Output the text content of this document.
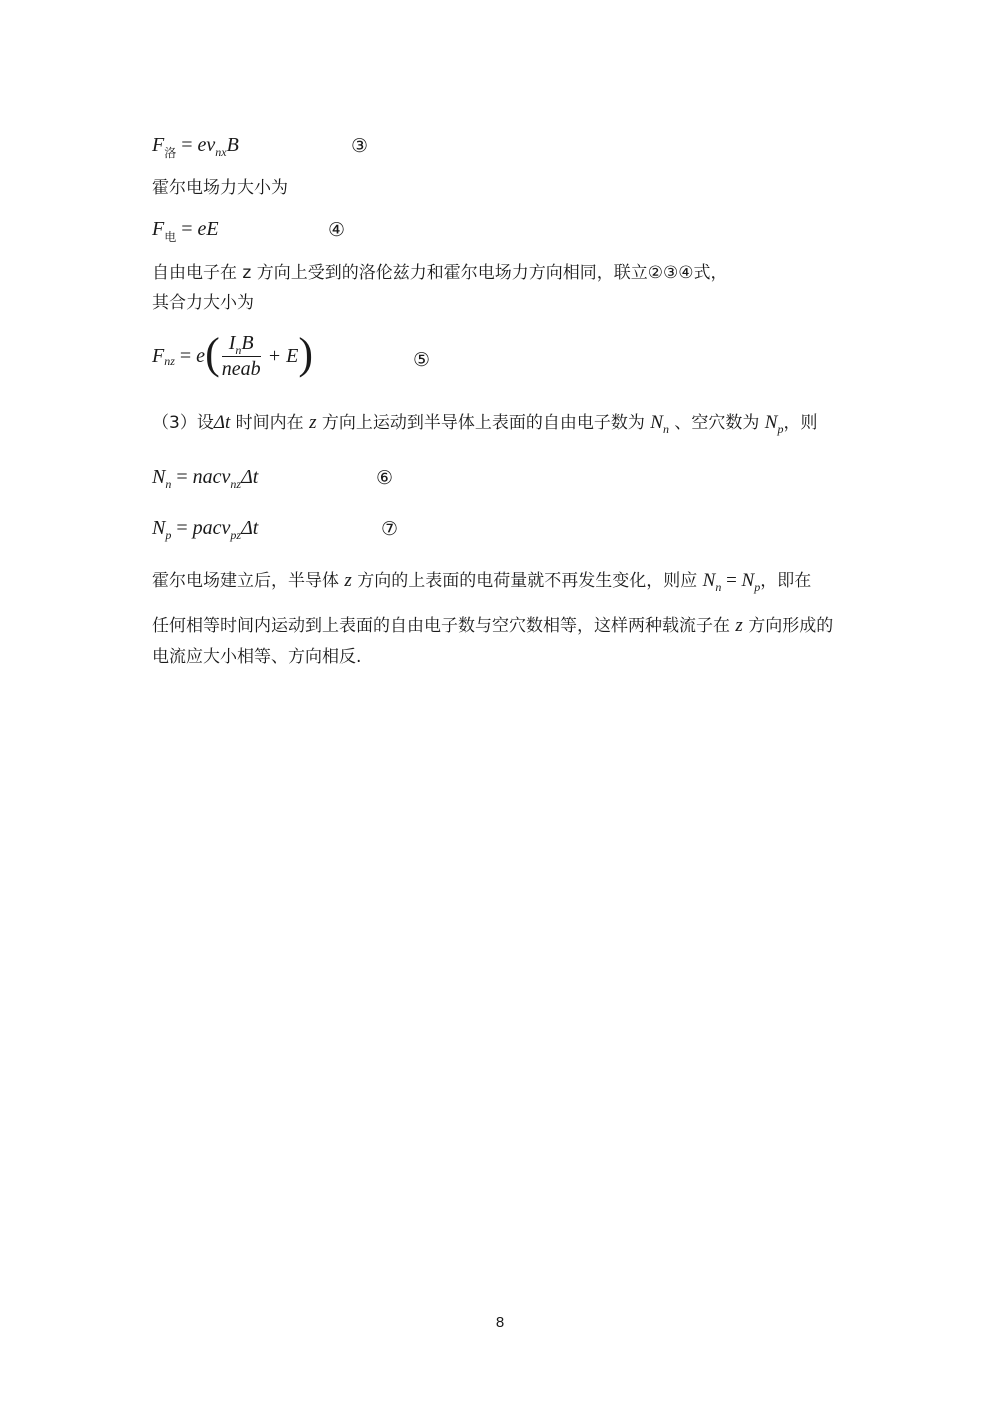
$F_洛 = ev_{nx}B$	③
霍尔电场力大小为
$F_电$ = eE	④
自由电子在 z 方向上受到的洛伦兹力和霍尔电场力方向相同，联立②③④式，
其合力大小为
$F_{nz} = e( \frac{I_nB}{\text{neab}} + E)$	⑤
（3）设Δt 时间内在 z 方向上运动到半导体上表面的自由电子数为 $N_n$ 、空穴数为 $N_p$，则
$N_n$ = nacv$_{nz}$Δt	⑥
$N_p$ = pacv$_{pz}$Δt	⑦
霍尔电场建立后，半导体 z 方向的上表面的电荷量就不再发生变化，则应 $N_n = N_p$，即在
任何相等时间内运动到上表面的自由电子数与空穴数相等，这样两种载流子在 z 方向形成的
电流应大小相等、方向相反.
8
